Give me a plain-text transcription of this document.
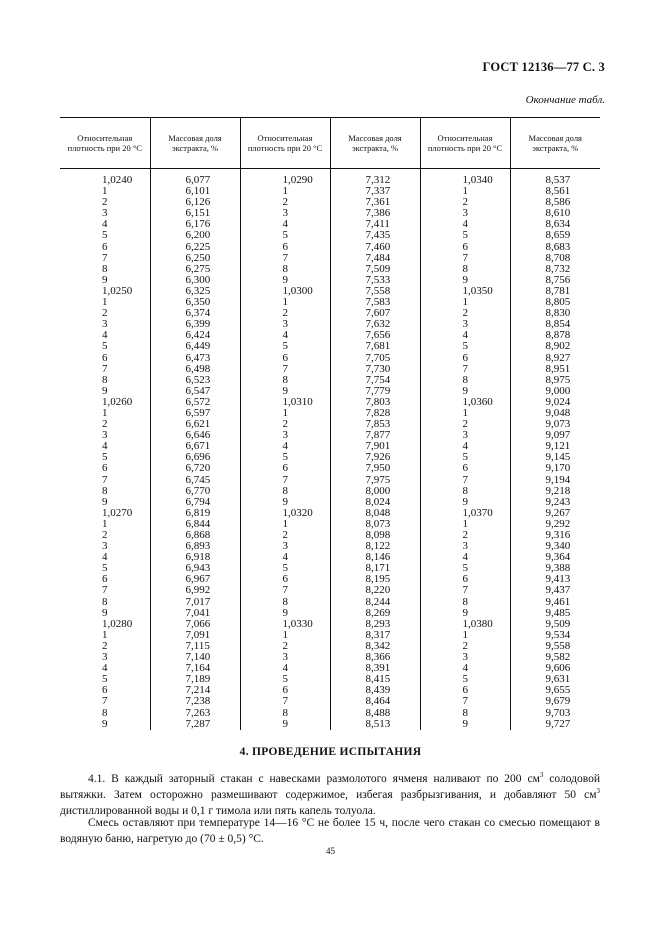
ГОСТ 12136—77 С. 3
Окончание табл.
Относительная плотность при 20 °С	Массовая доля экстракта, %	Относительная плотность при 20 °С	Массовая доля экстракта, %	Относительная плотность при 20 °С	Массовая доля экстракта, %
1,0240	6,077	1,0290	7,312	1,0340	8,537
1	6,101	1	7,337	1	8,561
2	6,126	2	7,361	2	8,586
3	6,151	3	7,386	3	8,610
4	6,176	4	7,411	4	8,634
5	6,200	5	7,435	5	8,659
6	6,225	6	7,460	6	8,683
7	6,250	7	7,484	7	8,708
8	6,275	8	7,509	8	8,732
9	6,300	9	7,533	9	8,756
1,0250	6,325	1,0300	7,558	1,0350	8,781
1	6,350	1	7,583	1	8,805
2	6,374	2	7,607	2	8,830
3	6,399	3	7,632	3	8,854
4	6,424	4	7,656	4	8,878
5	6,449	5	7,681	5	8,902
6	6,473	6	7,705	6	8,927
7	6,498	7	7,730	7	8,951
8	6,523	8	7,754	8	8,975
9	6,547	9	7,779	9	9,000
1,0260	6,572	1,0310	7,803	1,0360	9,024
1	6,597	1	7,828	1	9,048
2	6,621	2	7,853	2	9,073
3	6,646	3	7,877	3	9,097
4	6,671	4	7,901	4	9,121
5	6,696	5	7,926	5	9,145
6	6,720	6	7,950	6	9,170
7	6,745	7	7,975	7	9,194
8	6,770	8	8,000	8	9,218
9	6,794	9	8,024	9	9,243
1,0270	6,819	1,0320	8,048	1,0370	9,267
1	6,844	1	8,073	1	9,292
2	6,868	2	8,098	2	9,316
3	6,893	3	8,122	3	9,340
4	6,918	4	8,146	4	9,364
5	6,943	5	8,171	5	9,388
6	6,967	6	8,195	6	9,413
7	6,992	7	8,220	7	9,437
8	7,017	8	8,244	8	9,461
9	7,041	9	8,269	9	9,485
1,0280	7,066	1,0330	8,293	1,0380	9,509
1	7,091	1	8,317	1	9,534
2	7,115	2	8,342	2	9,558
3	7,140	3	8,366	3	9,582
4	7,164	4	8,391	4	9,606
5	7,189	5	8,415	5	9,631
6	7,214	6	8,439	6	9,655
7	7,238	7	8,464	7	9,679
8	7,263	8	8,488	8	9,703
9	7,287	9	8,513	9	9,727
4. ПРОВЕДЕНИЕ ИСПЫТАНИЯ

4.1. В каждый заторный стакан с навесками размолотого ячменя наливают по 200 $см^3$ солодовой вытяжки. Затем осторожно размешивают содержимое, избегая разбрызгивания, и добавляют 50 $см^3$ дистиллированной воды и 0,1 г тимола или пять капель толуола.

Смесь оставляют при температуре 14—16 °С не более 15 ч, после чего стакан со смесью помещают в водяную баню, нагретую до (70 ± 0,5) °С.

45
